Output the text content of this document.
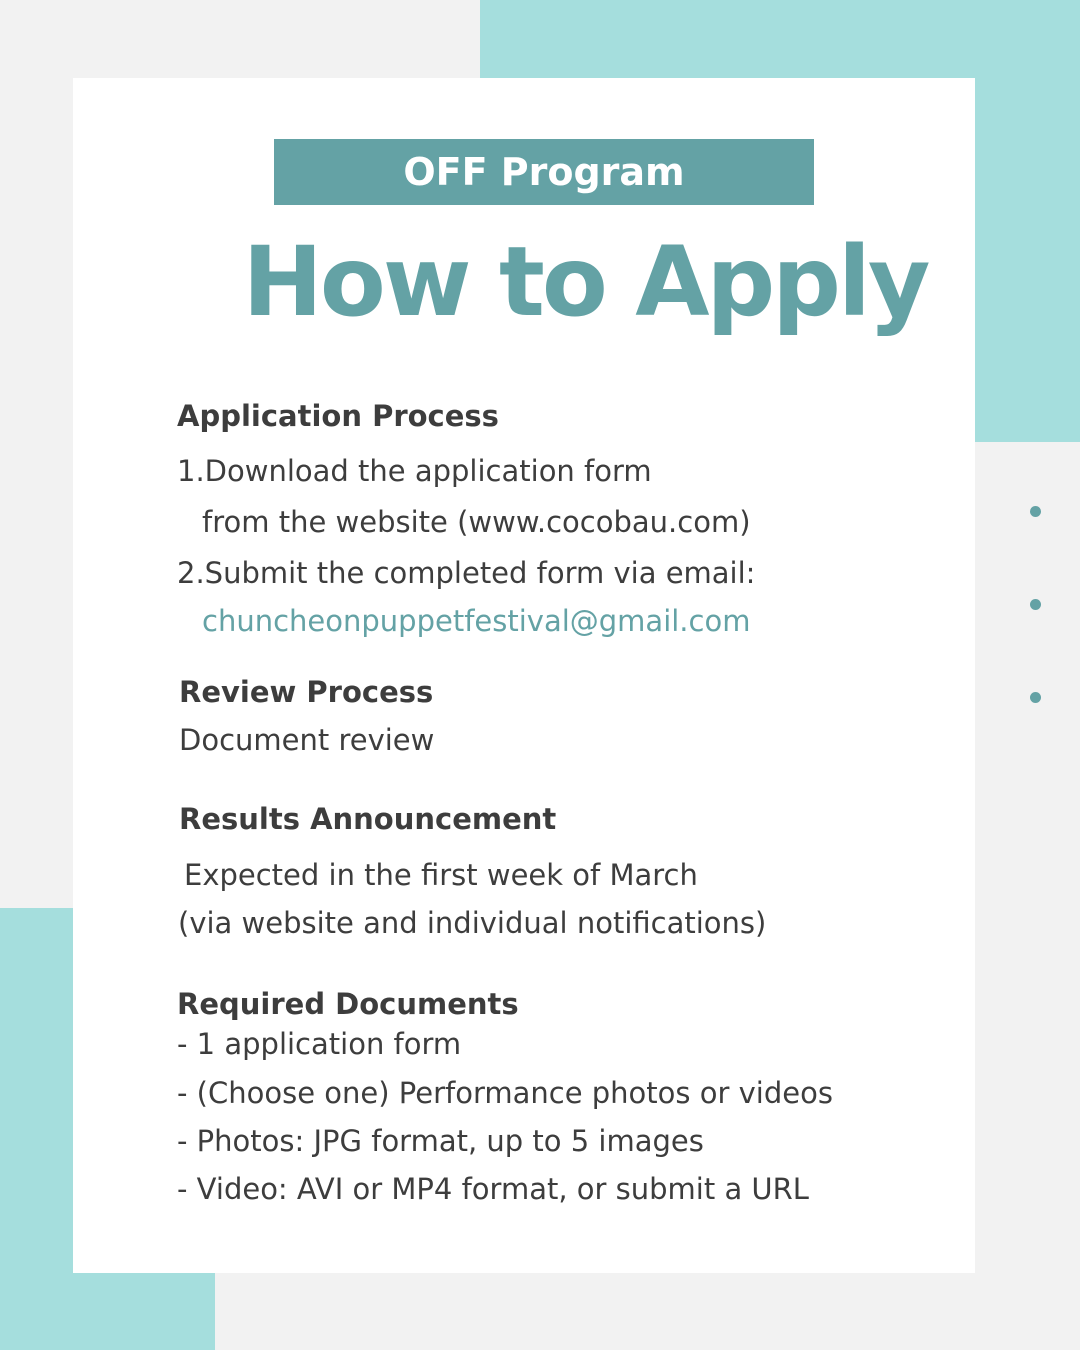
OFF Program
How to Apply
Application Process
1.Download the application form
from the website (www.cocobau.com)
2.Submit the completed form via email:
chuncheonpuppetfestival@gmail.com
Review Process
Document review
Results Announcement
Expected in the first week of March
(via website and individual notifications)
Required Documents
- 1 application form
- (Choose one) Performance photos or videos
- Photos: JPG format, up to 5 images
- Video: AVI or MP4 format, or submit a URL
